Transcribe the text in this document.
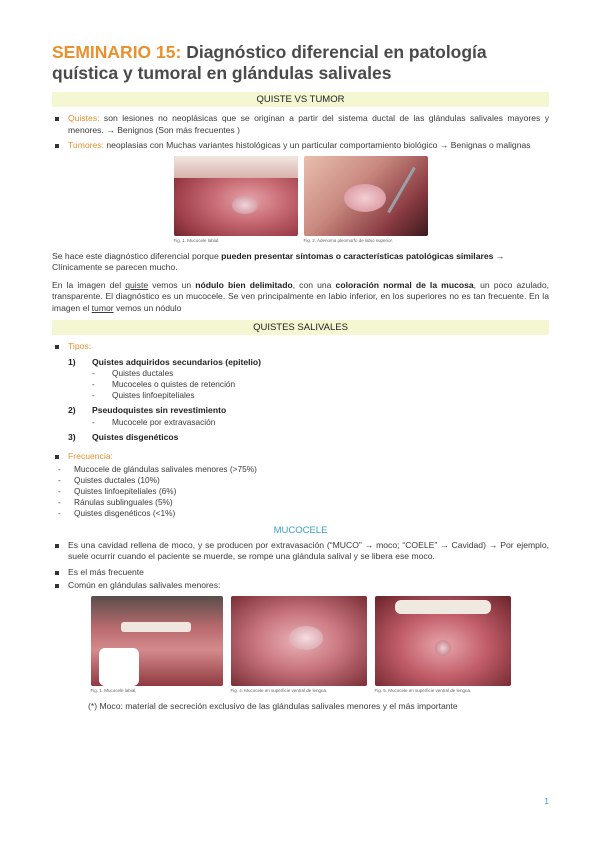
SEMINARIO 15: Diagnóstico diferencial en patología quística y tumoral en glándulas salivales
QUISTE VS TUMOR
Quistes: son lesiones no neoplásicas que se originan a partir del sistema ductal de las glándulas salivales mayores y menores. → Benignos (Son más frecuentes )
Tumores: neoplasias con Muchas variantes histológicas y un particular comportamiento biológico → Benignas o malignas
Fig. 1. Mucocele labial.	Fig. 2. Adenoma pleomorfo de labio superior.

Se hace este diagnóstico diferencial porque pueden presentar síntomas o características patológicas similares → Clínicamente se parecen mucho.

En la imagen del quiste vemos un nódulo bien delimitado, con una coloración normal de la mucosa, un poco azulado, transparente. El diagnóstico es un mucocele. Se ven principalmente en labio inferior, en los superiores no es tan frecuente. En la imagen el tumor vemos un nódulo

QUISTES SALIVALES
Tipos:
1) Quistes adquiridos secundarios (epitelio)
- Quistes ductales
- Mucoceles o quistes de retención
- Quistes linfoepiteliales
2) Pseudoquistes sin revestimiento
- Mucocele por extravasación
3) Quistes disgenéticos
Frecuencia:
- Mucocele de glándulas salivales menores (>75%)
- Quistes ductales (10%)
- Quistes linfoepiteliales (6%)
- Ránulas sublinguales (5%)
- Quistes disgenéticos (<1%)
MUCOCELE
Es una cavidad rellena de moco, y se producen por extravasación (“MUCO” → moco; “COELE” → Cavidad) → Por ejemplo, suele ocurrir cuando el paciente se muerde, se rompe una glándula salival y se libera ese moco.
Es el más frecuente
Común en glándulas salivales menores:
Fig. 1. Mucocele labial.	Fig. 4. Mucocele en superficie ventral de lengua.	Fig. 5. Mucocele en superficie ventral de lengua.
(*) Moco: material de secreción exclusivo de las glándulas salivales menores y el más importante
1
